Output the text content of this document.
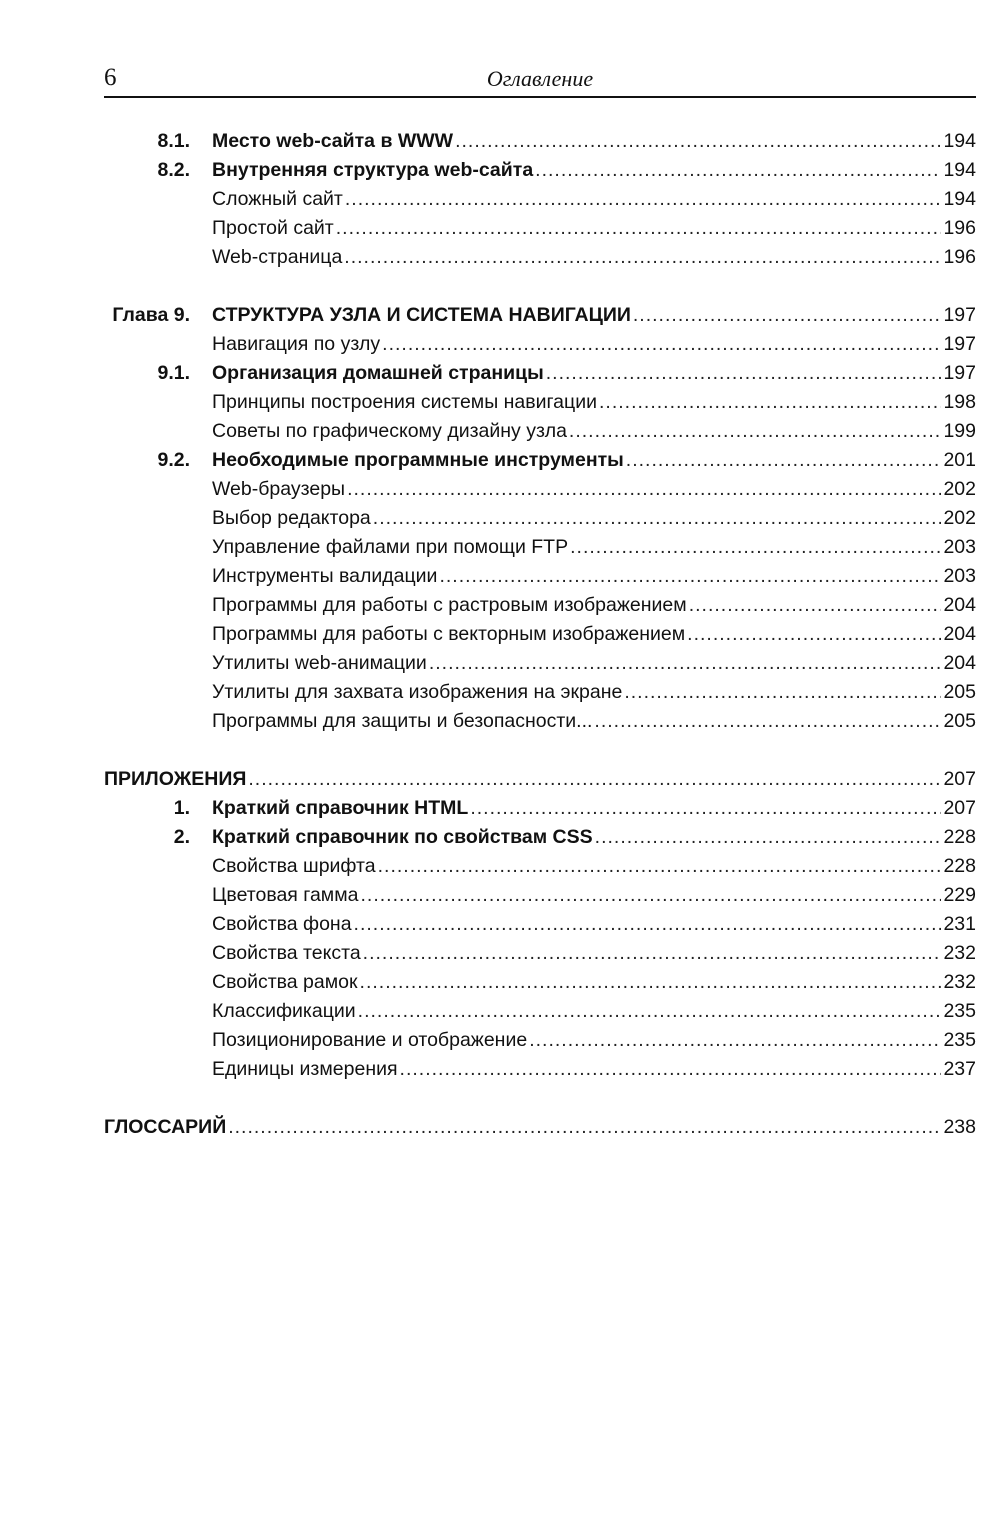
6	Оглавление
8.1. Место web-сайта в WWW .....	194
8.2. Внутренняя структура web-сайта .....	194
Сложный сайт .....	194
Простой сайт .....	196
Web-страница .....	196
Глава 9. СТРУКТУРА УЗЛА И СИСТЕМА НАВИГАЦИИ .....	197
Навигация по узлу .....	197
9.1. Организация домашней страницы .....	197
Принципы построения системы навигации .....	198
Советы по графическому дизайну узла .....	199
9.2. Необходимые программные инструменты .....	201
Web-браузеры .....	202
Выбор редактора .....	202
Управление файлами при помощи FTP .....	203
Инструменты валидации .....	203
Программы для работы с растровым изображением .....	204
Программы для работы с векторным изображением .....	204
Утилиты web-анимации .....	204
Утилиты для захвата изображения на экране .....	205
Программы для защиты и безопасности... .....	205
ПРИЛОЖЕНИЯ .....	207
1. Краткий справочник HTML .....	207
2. Краткий справочник по свойствам CSS .....	228
Свойства шрифта .....	228
Цветовая гамма .....	229
Свойства фона .....	231
Свойства текста .....	232
Свойства рамок .....	232
Классификации .....	235
Позиционирование и отображение .....	235
Единицы измерения .....	237
ГЛОССАРИЙ .....	238
